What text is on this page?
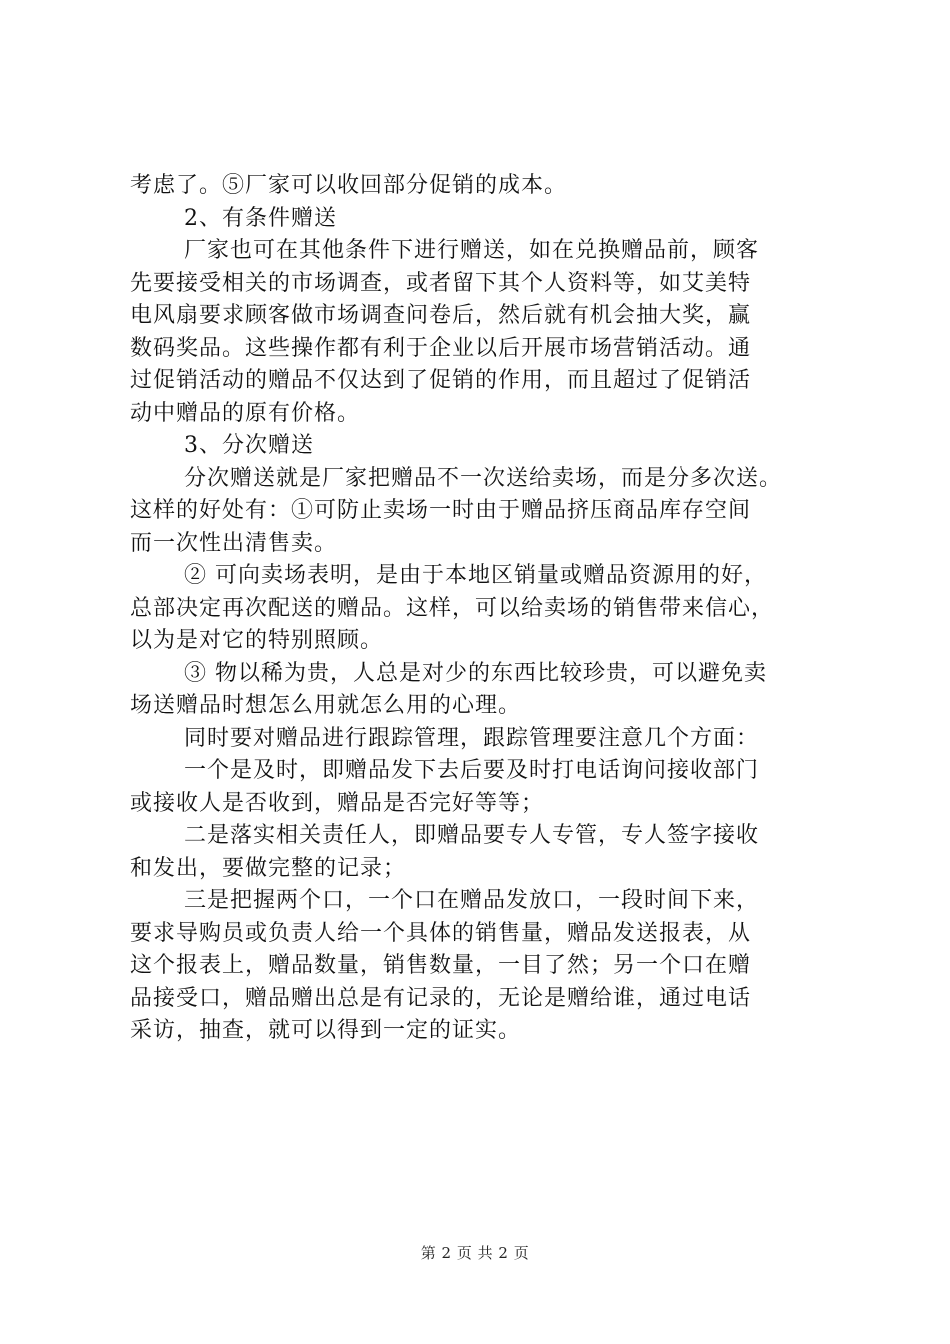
考虑了。⑤厂家可以收回部分促销的成本。
2、有条件赠送
厂家也可在其他条件下进行赠送，如在兑换赠品前，顾客
先要接受相关的市场调查，或者留下其个人资料等，如艾美特
电风扇要求顾客做市场调查问卷后，然后就有机会抽大奖，赢
数码奖品。这些操作都有利于企业以后开展市场营销活动。通
过促销活动的赠品不仅达到了促销的作用，而且超过了促销活
动中赠品的原有价格。
3、分次赠送
分次赠送就是厂家把赠品不一次送给卖场，而是分多次送。
这样的好处有：①可防止卖场一时由于赠品挤压商品库存空间
而一次性出清售卖。
② 可向卖场表明，是由于本地区销量或赠品资源用的好，
总部决定再次配送的赠品。这样，可以给卖场的销售带来信心，
以为是对它的特别照顾。
③ 物以稀为贵，人总是对少的东西比较珍贵，可以避免卖
场送赠品时想怎么用就怎么用的心理。
同时要对赠品进行跟踪管理，跟踪管理要注意几个方面：
一个是及时，即赠品发下去后要及时打电话询问接收部门
或接收人是否收到，赠品是否完好等等；
二是落实相关责任人，即赠品要专人专管，专人签字接收
和发出，要做完整的记录；
三是把握两个口，一个口在赠品发放口，一段时间下来，
要求导购员或负责人给一个具体的销售量，赠品发送报表，从
这个报表上，赠品数量，销售数量，一目了然；另一个口在赠
品接受口，赠品赠出总是有记录的，无论是赠给谁，通过电话
采访，抽查，就可以得到一定的证实。
第 2 页 共 2 页
